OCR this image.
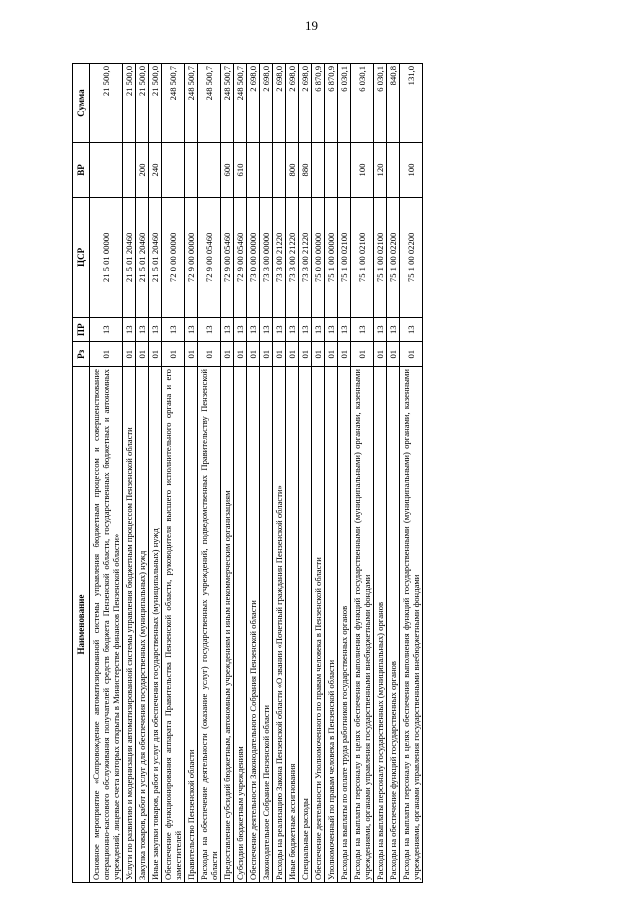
19
Наименование	Рз	ПР	ЦСР	ВР	Сумма
Основное мероприятие «Сопровождение автоматизированной системы управления бюджетным процессом и совершенствование операционно-кассового обслуживания получателей средств бюджета Пензенской области, государственных бюджетных и автономных учреждений, лицевые счета которых открыты в Министерстве финансов Пензенской области»	01	13	21 5 01 00000		21 500,0
Услуги по развитию и модернизации автоматизированной системы управления бюджетным процессом Пензенской области	01	13	21 5 01 20460		21 500,0
Закупка товаров, работ и услуг для обеспечения государственных (муниципальных) нужд	01	13	21 5 01 20460	200	21 500,0
Иные закупки товаров, работ и услуг для обеспечения государственных (муниципальных) нужд	01	13	21 5 01 20460	240	21 500,0
Обеспечение функционирования аппарата Правительства Пензенской области, руководителя высшего исполнительного органа и его заместителей	01	13	72 0 00 00000		248 500,7
Правительство Пензенской области	01	13	72 9 00 00000		248 500,7
Расходы на обеспечение деятельности (оказание услуг) государственных учреждений, подведомственных Правительству Пензенской области	01	13	72 9 00 05460		248 500,7
Предоставление субсидий бюджетным, автономным учреждениям и иным некоммерческим организациям	01	13	72 9 00 05460	600	248 500,7
Субсидии бюджетным учреждениям	01	13	72 9 00 05460	610	248 500,7
Обеспечение деятельности Законодательного Собрания Пензенской области	01	13	73 0 00 00000		2 698,0
Законодательное Собрание Пензенской области	01	13	73 3 00 00000		2 698,0
Расходы на реализацию Закона Пензенской области «О звании «Почетный гражданин Пензенской области»	01	13	73 3 00 21220		2 698,0
Иные бюджетные ассигнования	01	13	73 3 00 21220	800	2 698,0
Специальные расходы	01	13	73 3 00 21220	880	2 698,0
Обеспечение деятельности Уполномоченного по правам человека в Пензенской области	01	13	75 0 00 00000		6 870,9
Уполномоченный по правам человека в Пензенской области	01	13	75 1 00 00000		6 870,9
Расходы на выплаты по оплате труда работников государственных органов	01	13	75 1 00 02100		6 030,1
Расходы на выплаты персоналу в целях обеспечения выполнения функций государственными (муниципальными) органами, казенными учреждениями, органами управления государственными внебюджетными фондами	01	13	75 1 00 02100	100	6 030,1
Расходы на выплаты персоналу государственных (муниципальных) органов	01	13	75 1 00 02100	120	6 030,1
Расходы на обеспечение функций государственных органов	01	13	75 1 00 02200		840,8
Расходы на выплаты персоналу в целях обеспечения выполнения функций государственными (муниципальными) органами, казенными учреждениями, органами управления государственными внебюджетными фондами	01	13	75 1 00 02200	100	131,0
